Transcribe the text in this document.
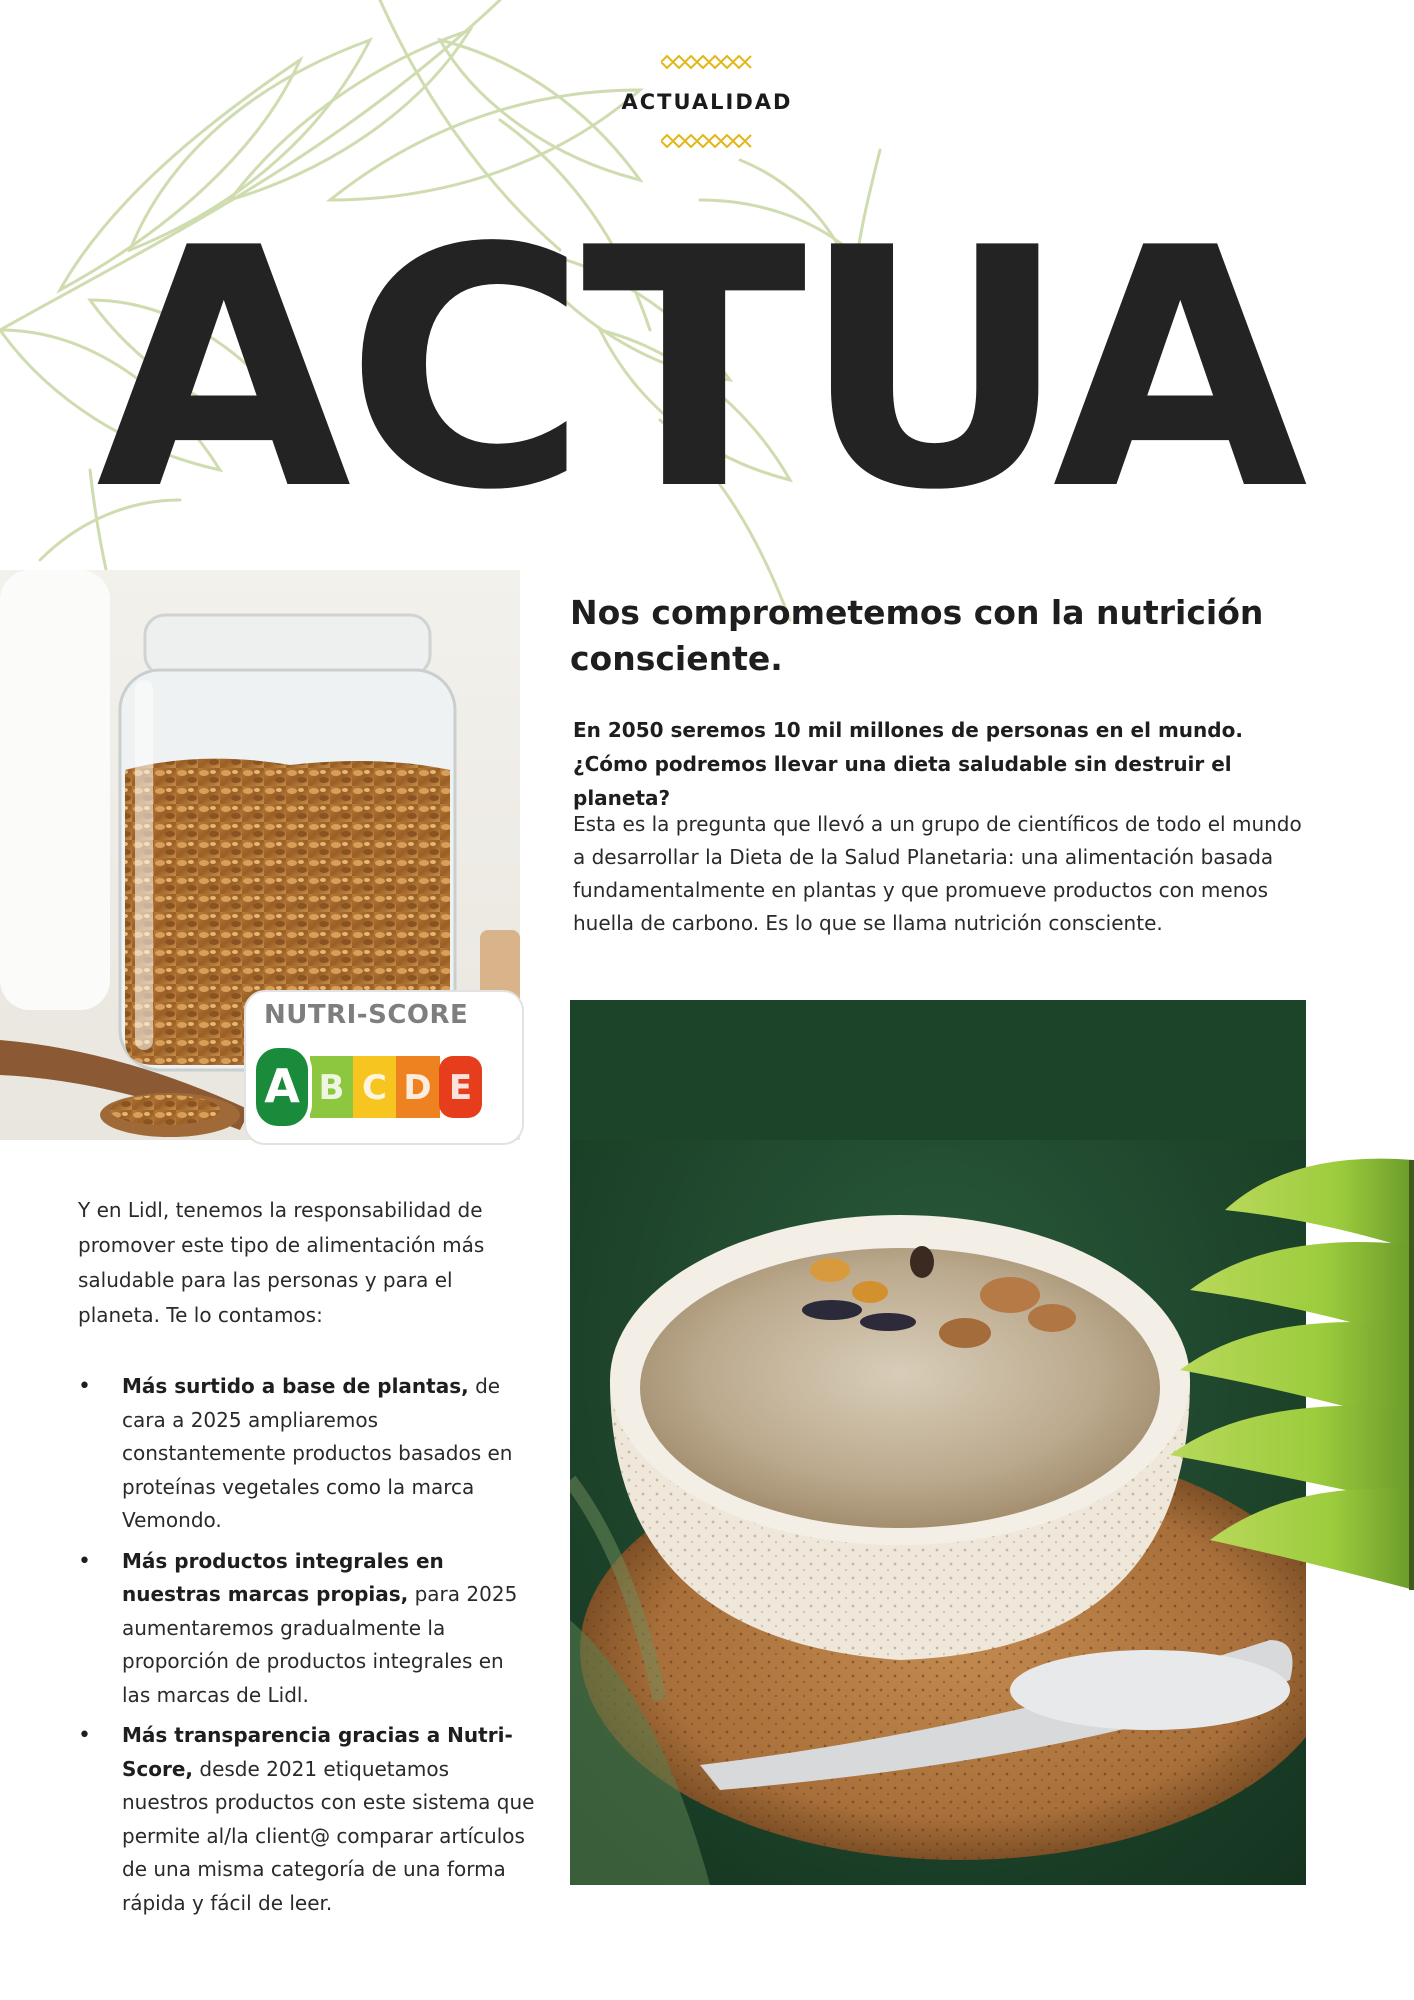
ACTUALIDAD
ACTUA
Nos comprometemos con la nutrición consciente.
En 2050 seremos 10 mil millones de personas en el mundo.
¿Cómo podremos llevar una dieta saludable sin destruir el planeta?
Esta es la pregunta que llevó a un grupo de científicos de todo el mundo a desarrollar la Dieta de la Salud Planetaria: una alimentación basada fundamentalmente en plantas y que promueve productos con menos huella de carbono. Es lo que se llama nutrición consciente.
NUTRI-SCORE
B C D E
A
Y en Lidl, tenemos la responsabilidad de promover este tipo de alimentación más saludable para las personas y para el planeta. Te lo contamos:
• Más surtido a base de plantas, de cara a 2025 ampliaremos constantemente productos basados en proteínas vegetales como la marca Vemondo.
• Más productos integrales en nuestras marcas propias, para 2025 aumentaremos gradualmente la proporción de productos integrales en las marcas de Lidl.
• Más transparencia gracias a Nutri-Score, desde 2021 etiquetamos nuestros productos con este sistema que permite al/la client@ comparar artículos de una misma categoría de una forma rápida y fácil de leer.
